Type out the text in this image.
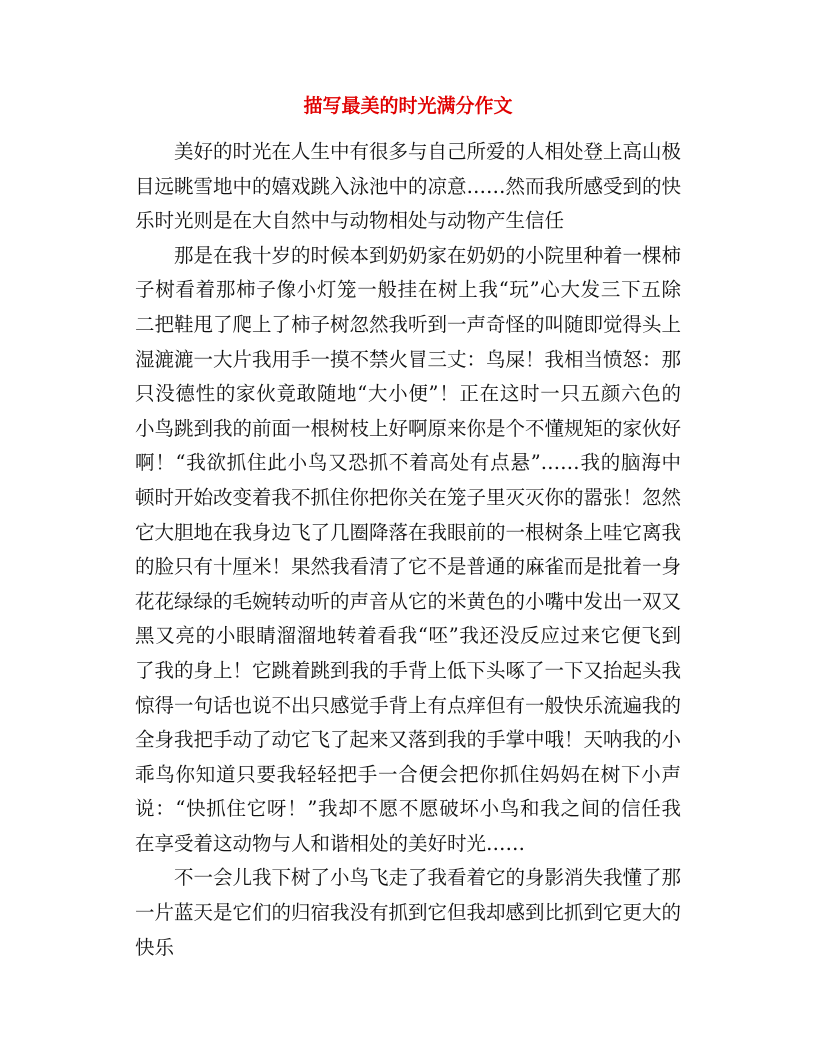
描写最美的时光满分作文

美好的时光在人生中有很多与自己所爱的人相处登上高山极目远眺雪地中的嬉戏跳入泳池中的凉意……然而我所感受到的快乐时光则是在大自然中与动物相处与动物产生信任

那是在我十岁的时候本到奶奶家在奶奶的小院里种着一棵柿子树看着那柿子像小灯笼一般挂在树上我“玩”心大发三下五除二把鞋甩了爬上了柿子树忽然我听到一声奇怪的叫随即觉得头上湿漉漉一大片我用手一摸不禁火冒三丈：鸟屎！我相当愤怒：那只没德性的家伙竟敢随地“大小便”！正在这时一只五颜六色的小鸟跳到我的前面一根树枝上好啊原来你是个不懂规矩的家伙好啊！“我欲抓住此小鸟又恐抓不着高处有点悬”……我的脑海中顿时开始改变着我不抓住你把你关在笼子里灭灭你的嚣张！忽然它大胆地在我身边飞了几圈降落在我眼前的一根树条上哇它离我的脸只有十厘米！果然我看清了它不是普通的麻雀而是批着一身花花绿绿的毛婉转动听的声音从它的米黄色的小嘴中发出一双又黑又亮的小眼睛溜溜地转着看我“呸”我还没反应过来它便飞到了我的身上！它跳着跳到我的手背上低下头啄了一下又抬起头我惊得一句话也说不出只感觉手背上有点痒但有一般快乐流遍我的全身我把手动了动它飞了起来又落到我的手掌中哦！天呐我的小乖鸟你知道只要我轻轻把手一合便会把你抓住妈妈在树下小声说：“快抓住它呀！”我却不愿不愿破坏小鸟和我之间的信任我在享受着这动物与人和谐相处的美好时光……

不一会儿我下树了小鸟飞走了我看着它的身影消失我懂了那一片蓝天是它们的归宿我没有抓到它但我却感到比抓到它更大的快乐
